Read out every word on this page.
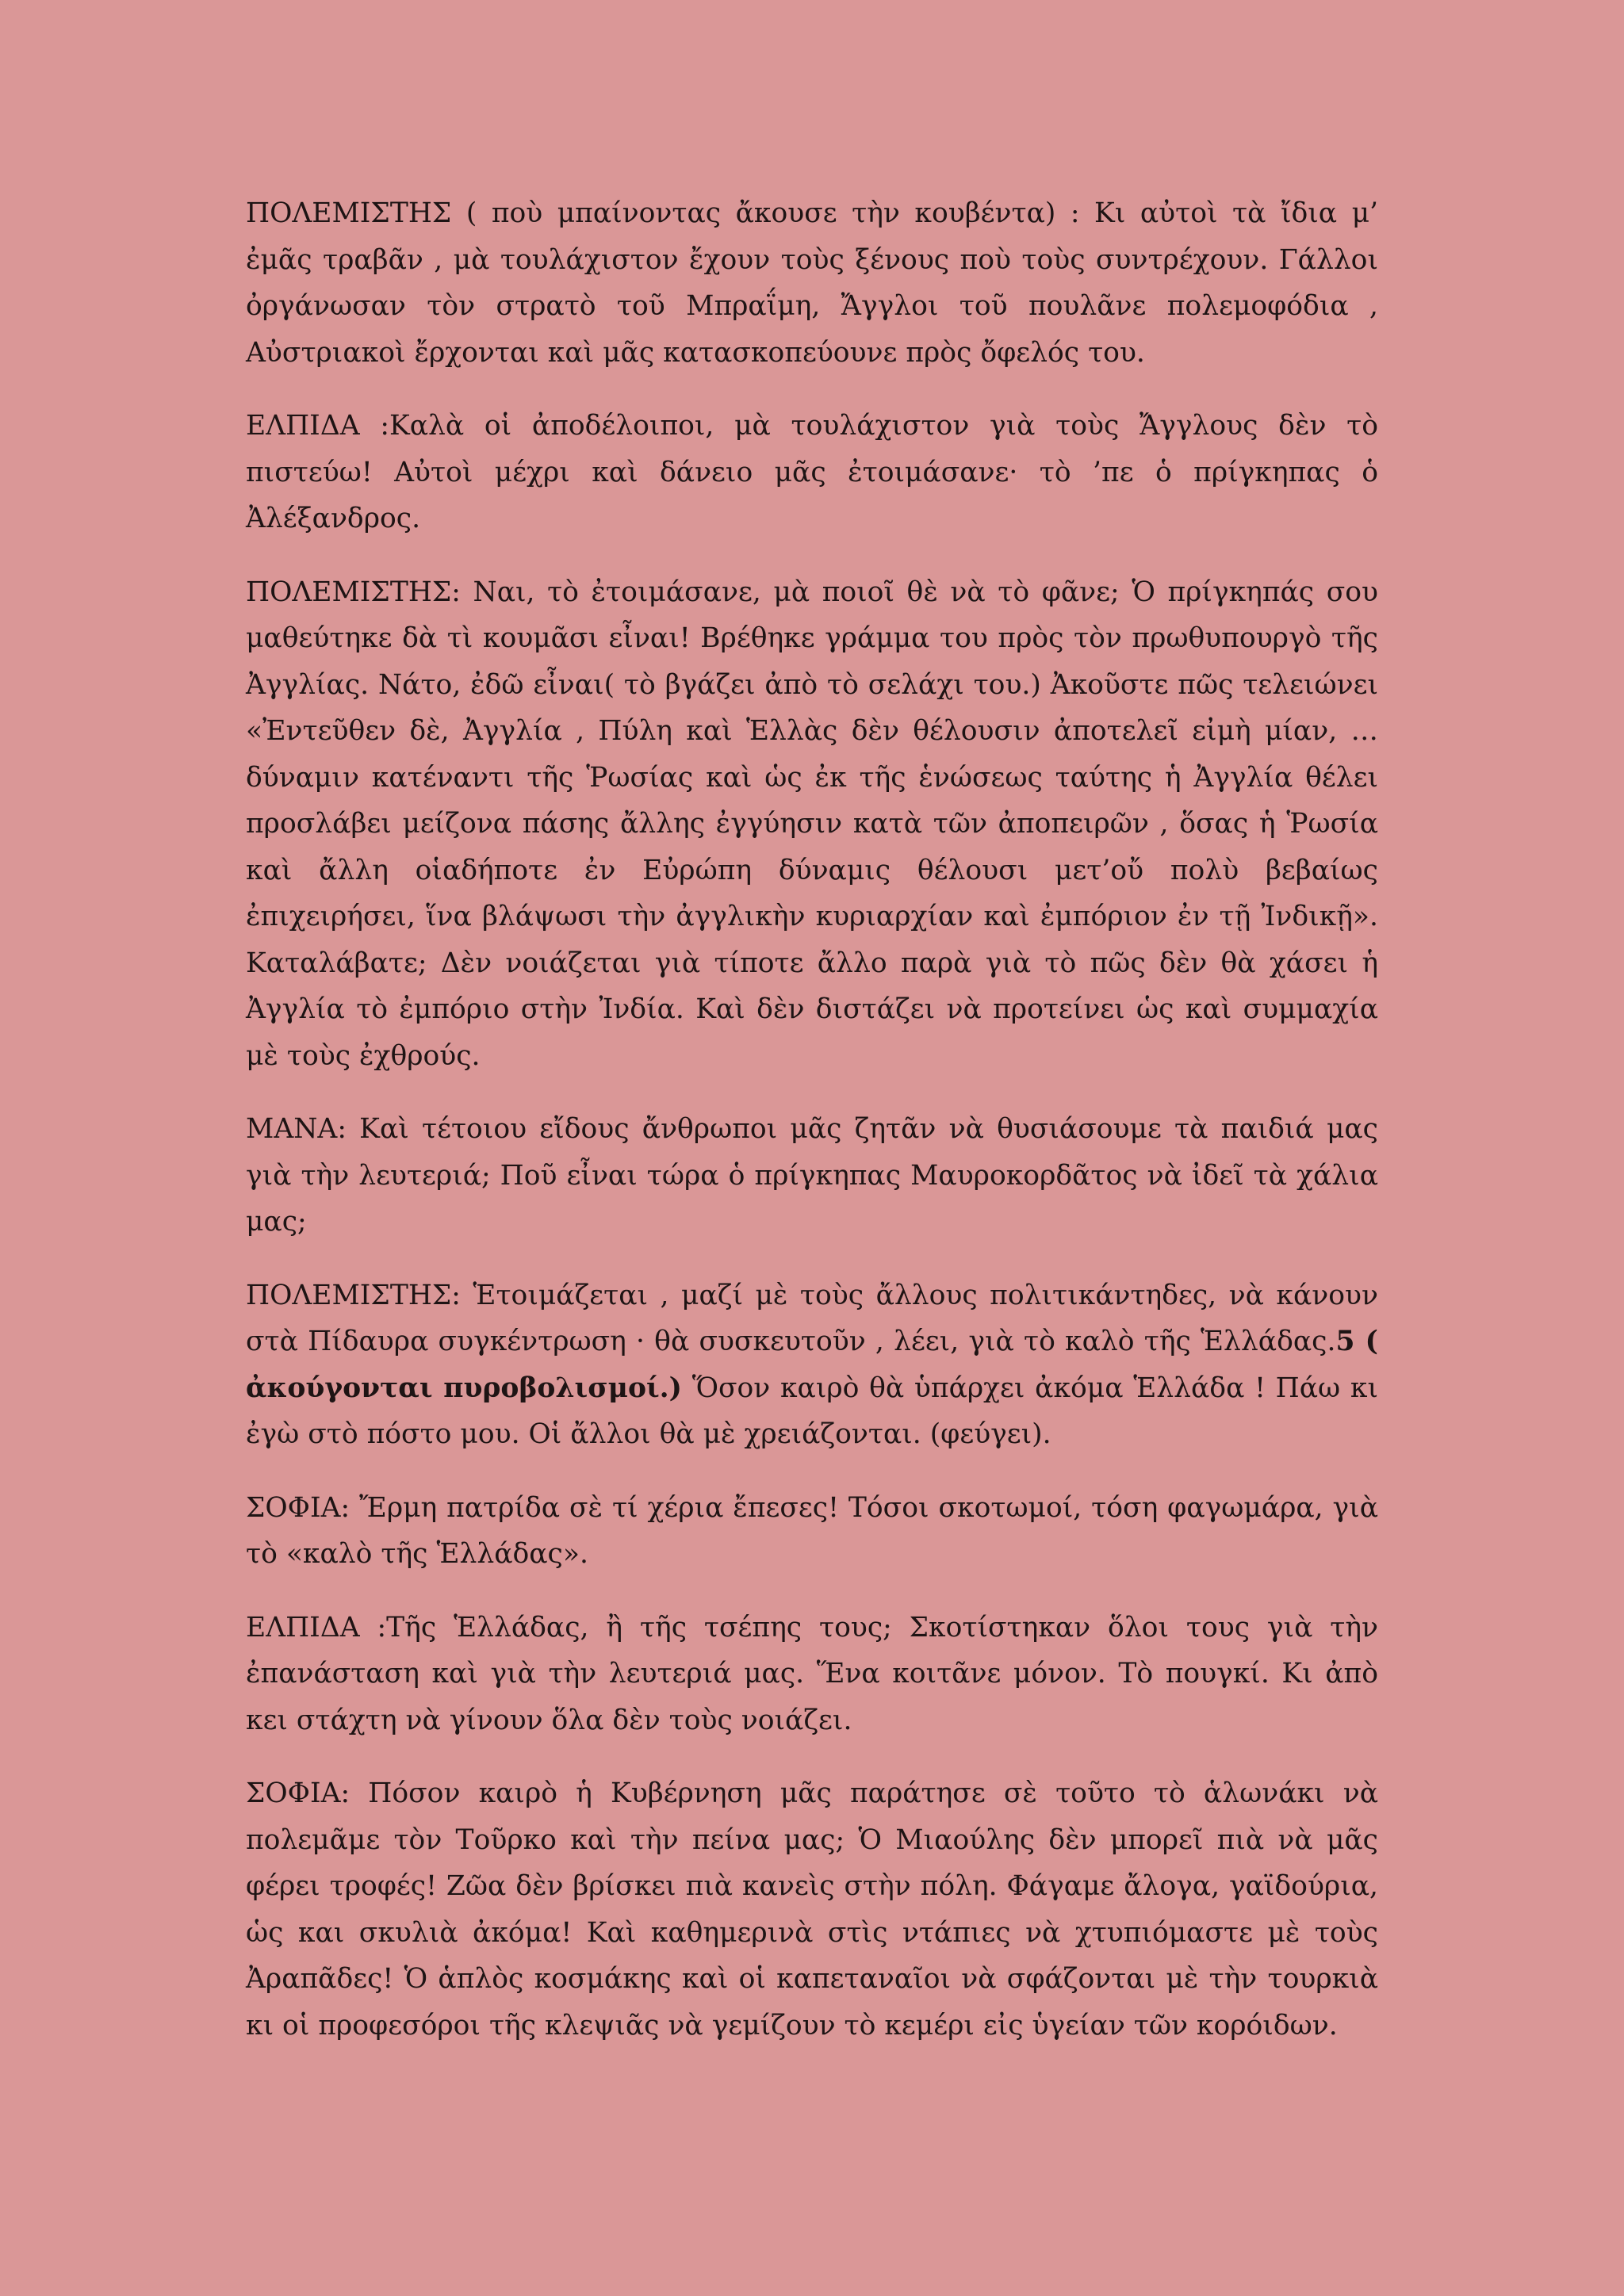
ΠΟΛΕΜΙΣΤΗΣ ( ποὺ μπαίνοντας ἄκουσε τὴν κουβέντα) : Κι αὐτοὶ τὰ ἴδια μ’ ἐμᾶς τραβᾶν , μὰ τουλάχιστον ἔχουν τοὺς ξένους ποὺ τοὺς συντρέχουν. Γάλλοι ὀργάνωσαν τὸν στρατὸ τοῦ Μπραΐμη, Ἄγγλοι τοῦ πουλᾶνε πολεμοφόδια , Αὐστριακοὶ ἔρχονται καὶ μᾶς κατασκοπεύουνε πρὸς ὄφελός του.

ΕΛΠΙΔΑ :Καλὰ οἱ ἀποδέλοιποι, μὰ τουλάχιστον γιὰ τοὺς Ἄγγλους δὲν τὸ πιστεύω! Αὐτοὶ μέχρι καὶ δάνειο μᾶς ἐτοιμάσανε· τὸ ’πε ὁ πρίγκηπας ὁ Ἀλέξανδρος.

ΠΟΛΕΜΙΣΤΗΣ: Ναι, τὸ ἐτοιμάσανε, μὰ ποιοῖ θὲ νὰ τὸ φᾶνε; Ὁ πρίγκηπάς σου μαθεύτηκε δὰ τὶ κουμᾶσι εἶναι! Βρέθηκε γράμμα του πρὸς τὸν πρωθυπουργὸ τῆς Ἀγγλίας. Νάτο, ἐδῶ εἶναι( τὸ βγάζει ἀπὸ τὸ σελάχι του.) Ἀκοῦστε πῶς τελειώνει «Ἐντεῦθεν δὲ, Ἀγγλία , Πύλη καὶ Ἑλλὰς δὲν θέλουσιν ἀποτελεῖ εἰμὴ μίαν, … δύναμιν κατέναντι τῆς Ῥωσίας καὶ ὡς ἐκ τῆς ἑνώσεως ταύτης ἡ Ἀγγλία θέλει προσλάβει μείζονα πάσης ἄλλης ἐγγύησιν κατὰ τῶν ἀποπειρῶν , ὅσας ἡ Ῥωσία καὶ ἄλλη οἱαδήποτε ἐν Εὐρώπη δύναμις θέλουσι μετ’οὔ πολὺ βεβαίως ἐπιχειρήσει, ἵνα βλάψωσι τὴν ἀγγλικὴν κυριαρχίαν καὶ ἐμπόριον ἐν τῇ Ἰνδικῇ». Καταλάβατε; Δὲν νοιάζεται γιὰ τίποτε ἄλλο παρὰ γιὰ τὸ πῶς δὲν θὰ χάσει ἡ Ἀγγλία τὸ ἐμπόριο στὴν Ἰνδία. Καὶ δὲν διστάζει νὰ προτείνει ὡς καὶ συμμαχία μὲ τοὺς ἐχθρούς.

ΜΑΝΑ: Καὶ τέτοιου εἴδους ἄνθρωποι μᾶς ζητᾶν νὰ θυσιάσουμε τὰ παιδιά μας γιὰ τὴν λευτεριά; Ποῦ εἶναι τώρα ὁ πρίγκηπας Μαυροκορδᾶτος νὰ ἰδεῖ τὰ χάλια μας;

ΠΟΛΕΜΙΣΤΗΣ: Ἑτοιμάζεται , μαζί μὲ τοὺς ἄλλους πολιτικάντηδες, νὰ κάνουν στὰ Πίδαυρα συγκέντρωση · θὰ συσκευτοῦν , λέει, γιὰ τὸ καλὸ τῆς Ἑλλάδας.5 ( ἀκούγονται πυροβολισμοί.) Ὅσον καιρὸ θὰ ὑπάρχει ἀκόμα Ἑλλάδα ! Πάω κι ἐγὼ στὸ πόστο μου. Οἱ ἄλλοι θὰ μὲ χρειάζονται. (φεύγει).

ΣΟΦΙΑ: Ἔρμη πατρίδα σὲ τί χέρια ἔπεσες! Τόσοι σκοτωμοί, τόση φαγωμάρα, γιὰ τὸ «καλὸ τῆς Ἑλλάδας».

ΕΛΠΙΔΑ :Τῆς Ἑλλάδας, ἢ τῆς τσέπης τους; Σκοτίστηκαν ὅλοι τους γιὰ τὴν ἐπανάσταση καὶ γιὰ τὴν λευτεριά μας. Ἕνα κοιτᾶνε μόνον. Τὸ πουγκί. Κι ἀπὸ κει στάχτη νὰ γίνουν ὅλα δὲν τοὺς νοιάζει.

ΣΟΦΙΑ: Πόσον καιρὸ ἡ Κυβέρνηση μᾶς παράτησε σὲ τοῦτο τὸ ἁλωνάκι νὰ πολεμᾶμε τὸν Τοῦρκο καὶ τὴν πείνα μας; Ὁ Μιαούλης δὲν μπορεῖ πιὰ νὰ μᾶς φέρει τροφές! Ζῶα δὲν βρίσκει πιὰ κανεὶς στὴν πόλη. Φάγαμε ἄλογα, γαϊδούρια, ὡς και σκυλιὰ ἀκόμα! Καὶ καθημερινὰ στὶς ντάπιες νὰ χτυπιόμαστε μὲ τοὺς Ἀραπᾶδες! Ὁ ἁπλὸς κοσμάκης καὶ οἱ καπεταναῖοι νὰ σφάζονται μὲ τὴν τουρκιὰ κι οἱ προφεσόροι τῆς κλεψιᾶς νὰ γεμίζουν τὸ κεμέρι εἰς ὑγείαν τῶν κορόιδων.
